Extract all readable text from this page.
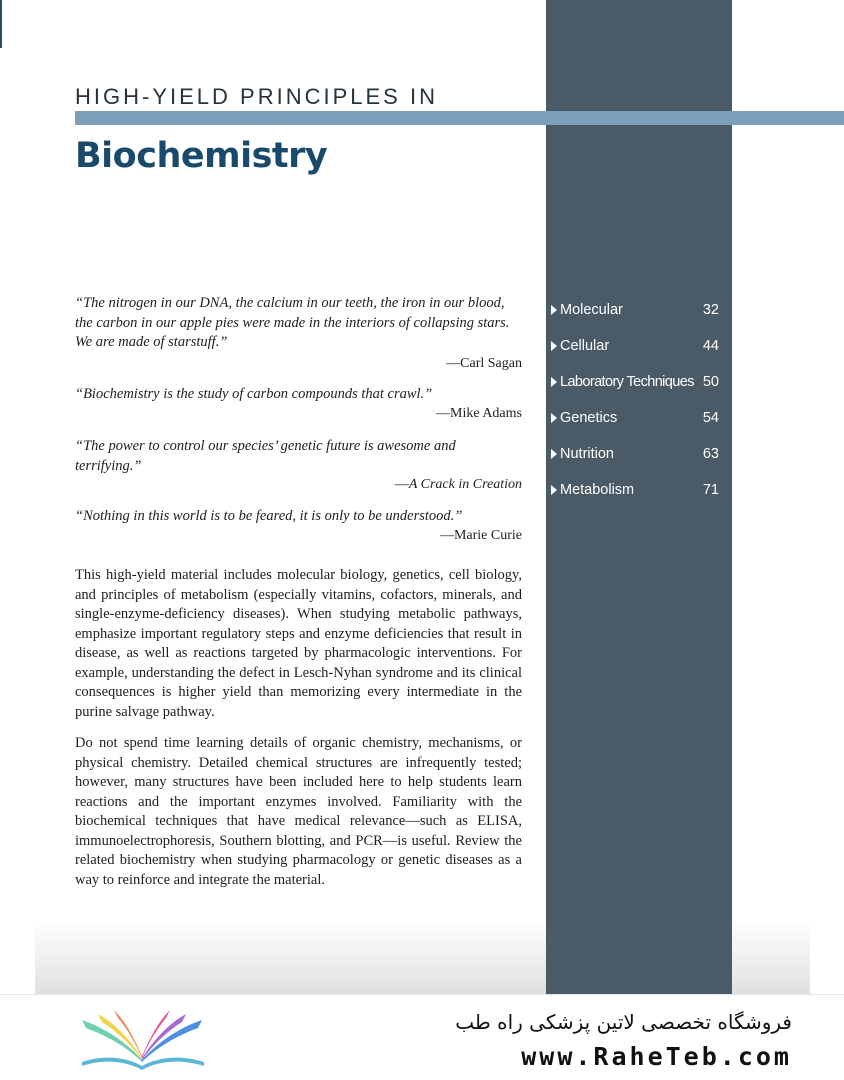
HIGH-YIELD PRINCIPLES IN
Biochemistry

“The nitrogen in our DNA, the calcium in our teeth, the iron in our blood, the carbon in our apple pies were made in the interiors of collapsing stars. We are made of starstuff.”

—Carl Sagan

“Biochemistry is the study of carbon compounds that crawl.”

—Mike Adams

“The power to control our species’ genetic future is awesome and terrifying.”

—A Crack in Creation

“Nothing in this world is to be feared, it is only to be understood.”

—Marie Curie

This high-yield material includes molecular biology, genetics, cell biology, and principles of metabolism (especially vitamins, cofactors, minerals, and single-enzyme-deficiency diseases). When studying metabolic pathways, emphasize important regulatory steps and enzyme deficiencies that result in disease, as well as reactions targeted by pharmacologic interventions. For example, understanding the defect in Lesch-Nyhan syndrome and its clinical consequences is higher yield than memorizing every intermediate in the purine salvage pathway.

Do not spend time learning details of organic chemistry, mechanisms, or physical chemistry. Detailed chemical structures are infrequently tested; however, many structures have been included here to help students learn reactions and the important enzymes involved. Familiarity with the biochemical techniques that have medical relevance—such as ELISA, immunoelectrophoresis, Southern blotting, and PCR—is useful. Review the related biochemistry when studying pharmacology or genetic diseases as a way to reinforce and integrate the material.

Molecular	32
Cellular	44
Laboratory Techniques 50
Genetics	54
Nutrition	63
Metabolism	71

فروشگاه تخصصی لاتین پزشکی راه طب

www.RaheTeb.com
